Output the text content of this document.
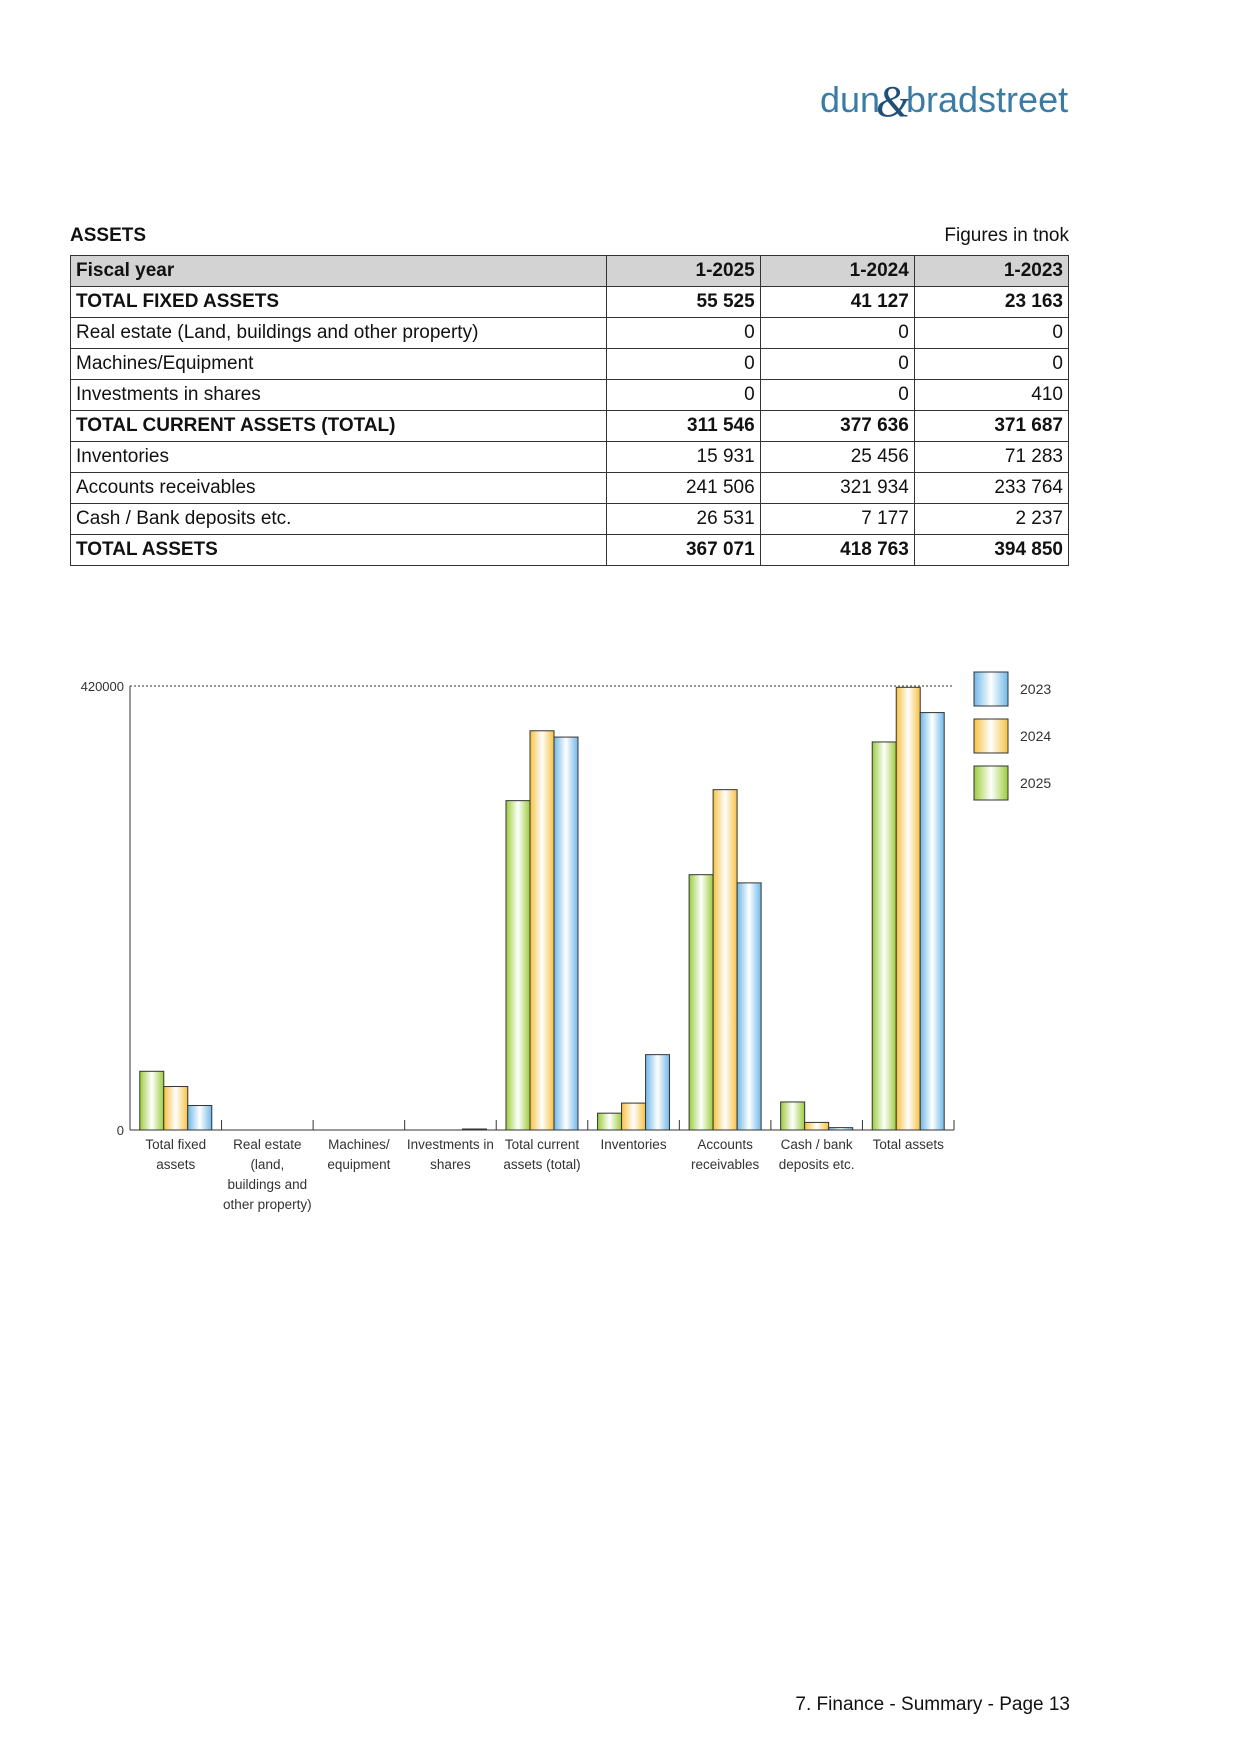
dun
&
bradstreet
ASSETS	Figures in tnok
Fiscal year	1-2025	1-2024	1-2023
TOTAL FIXED ASSETS	55 525	41 127	23 163
Real estate (Land, buildings and other property)	0	0	0
Machines/Equipment	0	0	0
Investments in shares	0	0	410
TOTAL CURRENT ASSETS (TOTAL)	311 546	377 636	371 687
Inventories	15 931	25 456	71 283
Accounts receivables	241 506	321 934	233 764
Cash / Bank deposits etc.	26 531	7 177	2 237
TOTAL ASSETS	367 071	418 763	394 850
420000
0
Total fixed
assets
Real estate
(land,
buildings and
other property)
Machines/
equipment
Investments in
shares
Total current
assets (total)
Inventories Accounts
receivables
Cash / bank
deposits etc.
Total assets
2023
2024
2025
7. Finance - Summary - Page 13
